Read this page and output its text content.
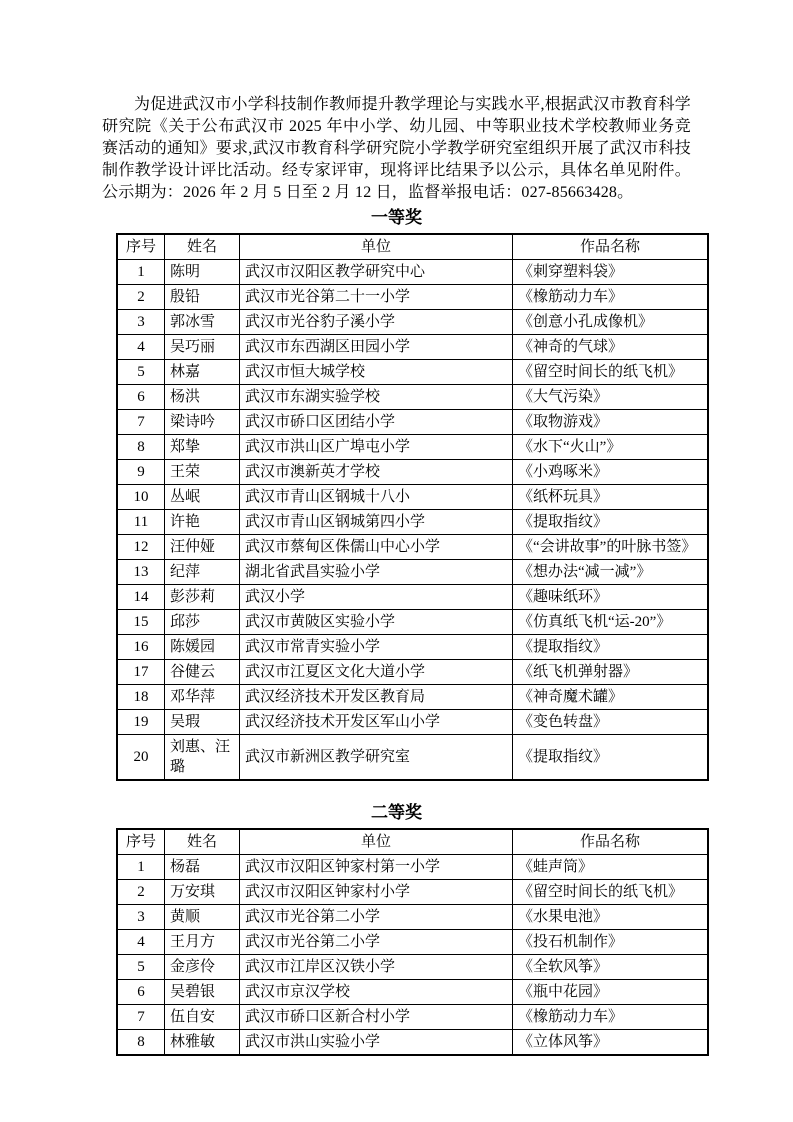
为促进武汉市小学科技制作教师提升教学理论与实践水平,根据武汉市教育科学研究院《关于公布武汉市 2025 年中小学、幼儿园、中等职业技术学校教师业务竞赛活动的通知》要求,武汉市教育科学研究院小学教学研究室组织开展了武汉市科技制作教学设计评比活动。经专家评审，现将评比结果予以公示，具体名单见附件。 公示期为：2026 年 2 月 5 日至 2 月 12 日，监督举报电话：027-85663428。

一等奖
序号	姓名	单位	作品名称
1	陈明	武汉市汉阳区教学研究中心	《刺穿塑料袋》
2	殷铅	武汉市光谷第二十一小学	《橡筋动力车》
3	郭冰雪	武汉市光谷豹子溪小学	《创意小孔成像机》
4	吴巧丽	武汉市东西湖区田园小学	《神奇的气球》
5	林嘉	武汉市恒大城学校	《留空时间长的纸飞机》
6	杨洪	武汉市东湖实验学校	《大气污染》
7	梁诗吟	武汉市硚口区团结小学	《取物游戏》
8	郑挚	武汉市洪山区广埠屯小学	《水下“火山”》
9	王荣	武汉市澳新英才学校	《小鸡啄米》
10	丛岷	武汉市青山区钢城十八小	《纸杯玩具》
11	许艳	武汉市青山区钢城第四小学	《提取指纹》
12	汪仲娅	武汉市蔡甸区侏儒山中心小学	《“会讲故事”的叶脉书签》
13	纪萍	湖北省武昌实验小学	《想办法“减一减”》
14	彭莎莉	武汉小学	《趣味纸环》
15	邱莎	武汉市黄陂区实验小学	《仿真纸飞机“运-20”》
16	陈媛园	武汉市常青实验小学	《提取指纹》
17	谷健云	武汉市江夏区文化大道小学	《纸飞机弹射器》
18	邓华萍	武汉经济技术开发区教育局	《神奇魔术罐》
19	吴瑕	武汉经济技术开发区军山小学	《变色转盘》
20	刘惠、汪璐	武汉市新洲区教学研究室	《提取指纹》
二等奖
序号	姓名	单位	作品名称
1	杨磊	武汉市汉阳区钟家村第一小学	《蛙声筒》
2	万安琪	武汉市汉阳区钟家村小学	《留空时间长的纸飞机》
3	黄顺	武汉市光谷第二小学	《水果电池》
4	王月方	武汉市光谷第二小学	《投石机制作》
5	金彦伶	武汉市江岸区汉铁小学	《全软风筝》
6	吴碧银	武汉市京汉学校	《瓶中花园》
7	伍自安	武汉市硚口区新合村小学	《橡筋动力车》
8	林雅敏	武汉市洪山实验小学	《立体风筝》
